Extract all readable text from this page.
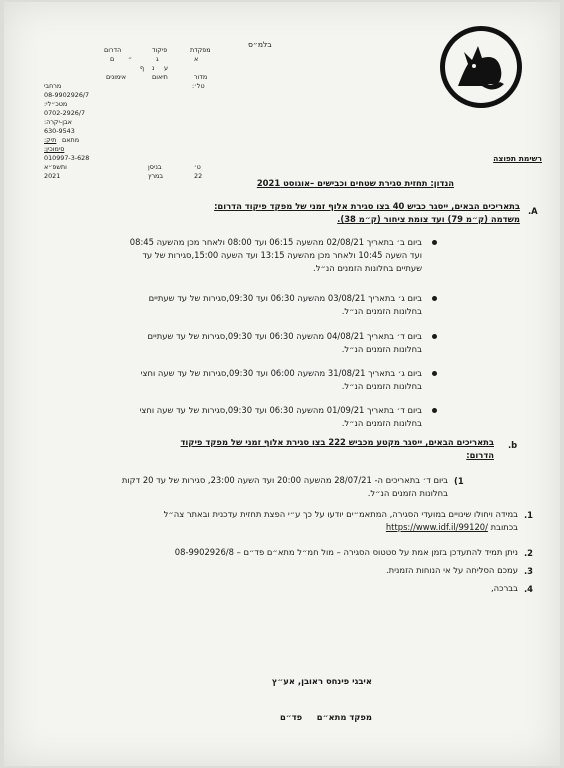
בלמ״ס
מפקדת
פיקוד
הדרום
א
ג
״
ם
ע
נ
ף
מדור
תיאום
אימונים
טל׳:
מרחבי
08-9902926/7
מטכ״לי:
0702-2926/7
אבן-יקרה:
630-9543
תיק: מתאם
סימוכין:
010997-3-628
ט׳
בניסן
ותשפ״א
22
במרץ
2021
רשימת תפוצה
הנדון: תחזית סגירת שטחים וכבישים –אוגוסט 2021
.A
בתאריכים הבאים, ייסגר כביש 40 בצו סגירת אלוף זמני של מפקד פיקוד הדרום:
משדמה (ק״מ 79) ועד צומת ציחור (ק״מ 38).
ביום ב׳ בתאריך 02/08/21 מהשעה 06:15 ועד 08:00 ולאחר מכן מהשעה 08:45
ועד השעה 10:45 ולאחר מכן מהשעה 13:15 ועד השעה 15:00,סגירות של עד
שעתיים בחלונות הזמנים הנ״ל.
ביום ג׳ בתאריך 03/08/21 מהשעה 06:30 ועד 09:30,סגירות של עד שעתיים
בחלונות הזמנים הנ״ל.
ביום ד׳ בתאריך 04/08/21 מהשעה 06:30 ועד 09:30,סגירות של עד שעתיים
בחלונות הזמנים הנ״ל.
ביום ג׳ בתאריך 31/08/21 מהשעה 06:00 ועד 09:30,סגירות של עד שעה וחצי
בחלונות הזמנים הנ״ל.
ביום ד׳ בתאריך 01/09/21 מהשעה 06:30 ועד 09:30,סגירות של עד שעה וחצי
בחלונות הזמנים הנ״ל.
.b
בתאריכים הבאים, ייסגר מקטע מכביש 222 בצו סגירת אלוף זמני של מפקד פיקוד
הדרום:
(1
ביום ד׳ בתאריכים ה- 28/07/21 מהשעה 20:00 ועד השעה 23:00, סגירות של עד 20 דקות
בחלונות הזמנים הנ״ל.
.1
במידה ויחולו שינויים במועדי הסגירה, המתאמ״ים יודעו על כך ע״י הפצת תחזית עדכנית ובאתר צה״ל
בכתובת https://www.idf.il/99120/
.2
ניתן תמיד להתעדכן בזמן אמת על סטטוס הסגירה – מול חמ״ל מתא״ם פד״ם – 08-9902926/8
.3
עמכם הסליחה על אי הנוחות הזמנית.
.4
בברכה,
איבגי פינחס ראובן, אע״ץ
מפקד מתא״ם     פד״ם
